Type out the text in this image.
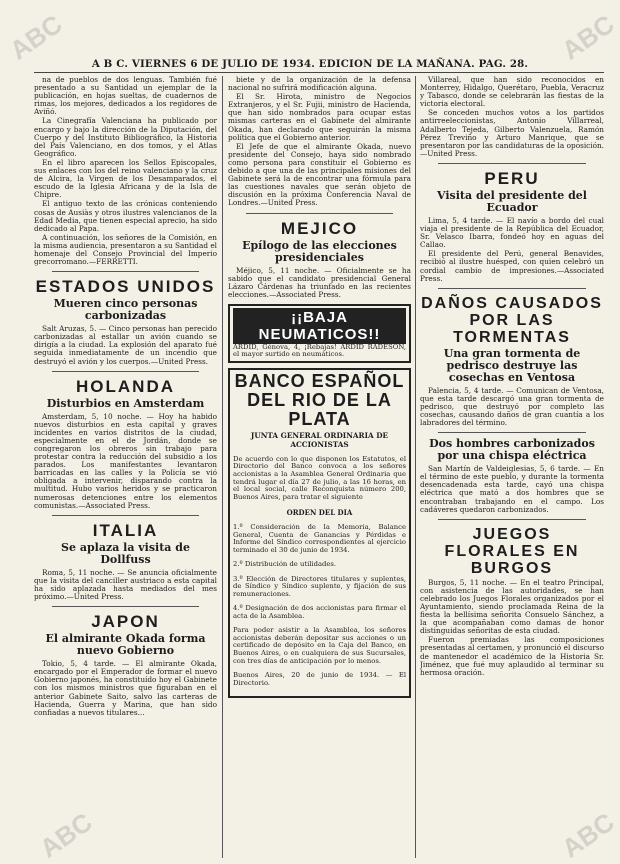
ABC
ABC
ABC
ABC
A B C. VIERNES 6 DE JULIO DE 1934. EDICION DE LA MAÑANA. PAG. 28.

na de pueblos de dos lenguas. También fué presentado a su Santidad un ejemplar de la publicación, en hojas sueltas, de cuadernos de rimas, los mejores, dedicados a los regidores de Aviñó.

La Cinegrafía Valenciana ha publicado por encargo y bajo la dirección de la Diputación, del Cuerpo y del Instituto Bibliográfico, la Historia del País Valenciano, en dos tomos, y el Atlas Geográfico.

En el libro aparecen los Sellos Episcopales, sus enlaces con los del reino valenciano y la cruz de Alcira, la Virgen de los Desamparados, el escudo de la Iglesia Africana y de la Isla de Chipre.

El antiguo texto de las crónicas conteniendo cosas de Ausiàs y otros ilustres valencianos de la Edad Media, que tienen especial aprecio, ha sido dedicado al Papa.

A continuación, los señores de la Comisión, en la misma audiencia, presentaron a su Santidad el homenaje del Consejo Provincial del Imperio grecorromano.—FERRETTI.

ESTADOS UNIDOS
Mueren cinco personas carbonizadas

Salt Aruzas, 5. — Cinco personas han perecido carbonizadas al estallar un avión cuando se dirigía a la ciudad. La explosión del aparato fué seguida inmediatamente de un incendio que destruyó el avión y los cuerpos.—United Press.

HOLANDA
Disturbios en Amsterdam

Amsterdam, 5, 10 noche. — Hoy ha habido nuevos disturbios en esta capital y graves incidentes en varios distritos de la ciudad, especialmente en el de Jordán, donde se congregaron los obreros sin trabajo para protestar contra la reducción del subsidio a los parados. Los manifestantes levantaron barricadas en las calles y la Policía se vió obligada a intervenir, disparando contra la multitud. Hubo varios heridos y se practicaron numerosas detenciones entre los elementos comunistas.—Associated Press.

ITALIA
Se aplaza la visita de Dollfuss

Roma, 5, 11 noche. — Se anuncia oficialmente que la visita del canciller austriaco a esta capital ha sido aplazada hasta mediados del mes próximo.—United Press.

JAPON
El almirante Okada forma nuevo Gobierno

Tokio, 5, 4 tarde. — El almirante Okada, encargado por el Emperador de formar el nuevo Gobierno japonés, ha constituído hoy el Gabinete con los mismos ministros que figuraban en el anterior Gabinete Saito, salvo las carteras de Hacienda, Guerra y Marina, que han sido confiadas a nuevos titulares...

biete y de la organización de la defensa nacional no sufrirá modificación alguna.

El Sr. Hirota, ministro de Negocios Extranjeros, y el Sr. Fujii, ministro de Hacienda, que han sido nombrados para ocupar estas mismas carteras en el Gabinete del almirante Okada, han declarado que seguirán la misma política que el Gobierno anterior.

El Jefe de que el almirante Okada, nuevo presidente del Consejo, haya sido nombrado como persona para constituir el Gobierno es debido a que una de las principales misiones del Gabinete será la de encontrar una fórmula para las cuestiones navales que serán objeto de discusión en la próxima Conferencia Naval de Londres.—United Press.

MEJICO
Epílogo de las elecciones presidenciales

Méjico, 5, 11 noche. — Oficialmente se ha sabido que el candidato presidencial General Lázaro Cárdenas ha triunfado en las recientes elecciones.—Associated Press.

¡¡BAJA NEUMATICOS!!
ARDID, Génova, 4, ¡Rebajas! ARDID RADESON, el mayor surtido en neumáticos.
BANCO ESPAÑOL DEL RIO DE LA PLATA
JUNTA GENERAL ORDINARIA DE ACCIONISTAS

De acuerdo con lo que disponen los Estatutos, el Directorio del Banco convoca a los señores accionistas a la Asamblea General Ordinaria que tendrá lugar el día 27 de julio, a las 16 horas, en el local social, calle Reconquista número 200, Buenos Aires, para tratar el siguiente

ORDEN DEL DIA

1.º Consideración de la Memoria, Balance General, Cuenta de Ganancias y Pérdidas e Informe del Síndico correspondientes al ejercicio terminado el 30 de junio de 1934.

2.º Distribución de utilidades.

3.º Elección de Directores titulares y suplentes, de Síndico y Síndico suplente, y fijación de sus remuneraciones.

4.º Designación de dos accionistas para firmar el acta de la Asamblea.

Para poder asistir a la Asamblea, los señores accionistas deberán depositar sus acciones o un certificado de depósito en la Caja del Banco, en Buenos Aires, o en cualquiera de sus Sucursales, con tres días de anticipación por lo menos.

Buenos Aires, 20 de junio de 1934. — El Directorio.

Villareal, que han sido reconocidos en Monterrey, Hidalgo, Querétaro, Puebla, Veracruz y Tabasco, donde se celebrarán las fiestas de la victoria electoral.

Se conceden muchos votos a los partidos antirreeleccionistas, Antonio Villarreal, Adalberto Tejeda, Gilberto Valenzuela, Ramón Pérez Treviño y Arturo Manrique, que se presentaron por las candidaturas de la oposición.—United Press.

PERU
Visita del presidente del Ecuador

Lima, 5, 4 tarde. — El navío a bordo del cual viaja el presidente de la República del Ecuador, Sr. Velasco Ibarra, fondeó hoy en aguas del Callao.

El presidente del Perú, general Benavides, recibió al ilustre huésped, con quien celebró un cordial cambio de impresiones.—Associated Press.

DAÑOS CAUSADOS POR LAS TORMENTAS
Una gran tormenta de pedrisco destruye las cosechas en Ventosa

Palencia, 5, 4 tarde. — Comunican de Ventosa, que esta tarde descargó una gran tormenta de pedrisco, que destruyó por completo las cosechas, causando daños de gran cuantía a los labradores del término.

Dos hombres carbonizados por una chispa eléctrica

San Martín de Valdeiglesias, 5, 6 tarde. — En el término de este pueblo, y durante la tormenta desencadenada esta tarde, cayó una chispa eléctrica que mató a dos hombres que se encontraban trabajando en el campo. Los cadáveres quedaron carbonizados.

JUEGOS FLORALES EN BURGOS

Burgos, 5, 11 noche. — En el teatro Principal, con asistencia de las autoridades, se han celebrado los Juegos Florales organizados por el Ayuntamiento, siendo proclamada Reina de la fiesta la bellísima señorita Consuelo Sánchez, a la que acompañaban como damas de honor distinguidas señoritas de esta ciudad.

Fueron premiadas las composiciones presentadas al certamen, y pronunció el discurso de mantenedor el académico de la Historia Sr. Jiménez, que fué muy aplaudido al terminar su hermosa oración.
